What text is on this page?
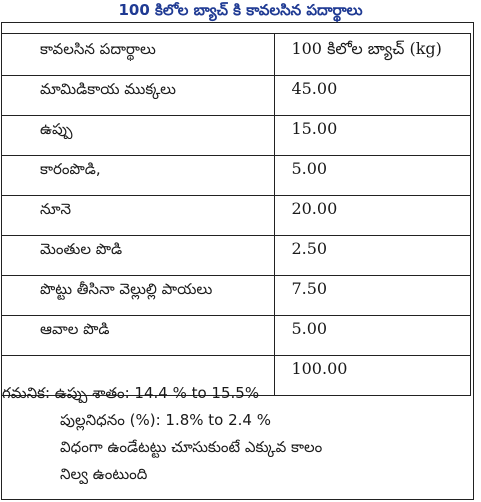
100 కిలోల బ్యాచ్ కి కావలసిన పదార్థాలు
కావలసిన పదార్థాలు	100 కిలోల బ్యాచ్ (kg)
మామిడికాయ ముక్కలు	45.00
ఉప్పు	15.00
కారంపొడి,	5.00
నూనె	20.00
మెంతుల పొడి	2.50
పొట్టు తీసినా వెల్లుల్లి పాయలు	7.50
ఆవాల పొడి	5.00
	100.00
గమనిక: ఉప్పు శాతం: 14.4 % to 15.5%
పుల్లనిధనం (%): 1.8% to 2.4 %
విధంగా ఉండేటట్టు చూసుకుంటే ఎక్కువ కాలం
నిల్వ ఉంటుంది
